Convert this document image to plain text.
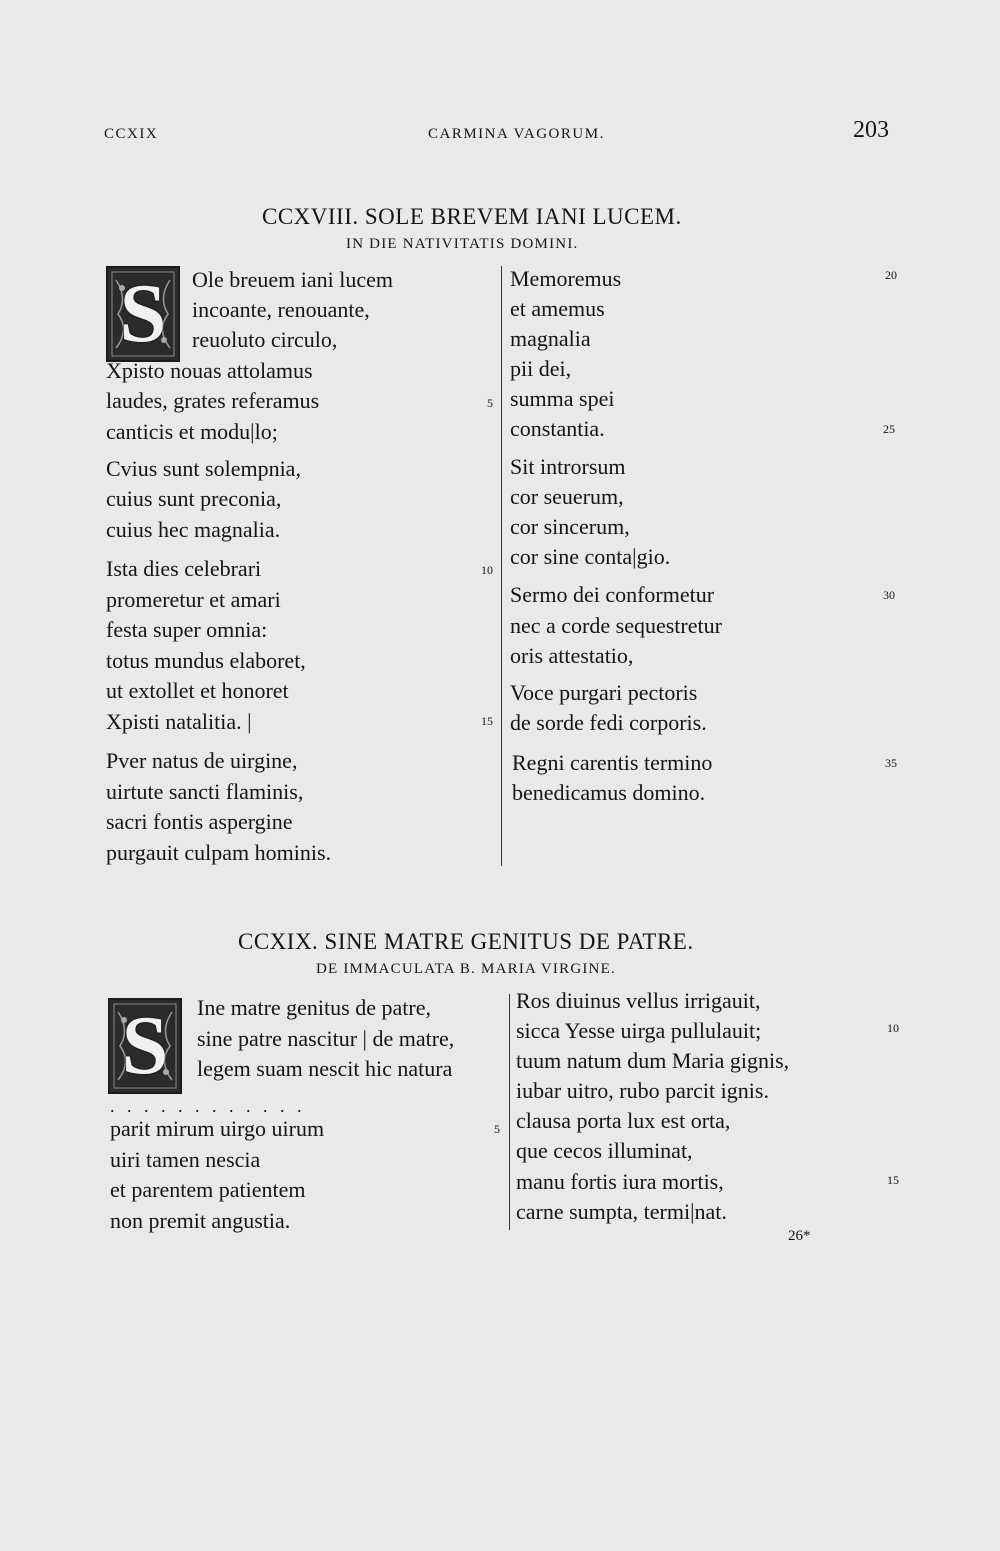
CCXIX	CARMINA VAGORUM.	203
CCXVIII. SOLE BREVEM IANI LUCEM.
IN DIE NATIVITATIS DOMINI.
S Ole breuem iani lucem
incoante, renouante,
reuoluto circulo,
Xpisto nouas attolamus
laudes, grates referamus
canticis et modu|lo;
Cvius sunt solempnia,
cuius sunt preconia,
cuius hec magnalia.
Ista dies celebrari
promeretur et amari
festa super omnia:
totus mundus elaboret,
ut extollet et honoret
Xpisti natalitia. |
Pver natus de uirgine,
uirtute sancti flaminis,
sacri fontis aspergine
purgauit culpam hominis.
5
10
15
Memoremus
et amemus
magnalia
pii dei,
summa spei
constantia.
Sit introrsum
cor seuerum,
cor sincerum,
cor sine conta|gio.
Sermo dei conformetur
nec a corde sequestretur
oris attestatio,
Voce purgari pectoris
de sorde fedi corporis.
Regni carentis termino
benedicamus domino.
20
25
30
35
CCXIX. SINE MATRE GENITUS DE PATRE.
DE IMMACULATA B. MARIA VIRGINE.
S Ine matre genitus de patre,
sine patre nascitur | de matre,
legem suam nescit hic natura
parit mirum uirgo uirum
uiri tamen nescia
et parentem patientem
non premit angustia.
5
Ros diuinus vellus irrigauit,
sicca Yesse uirga pullulauit;
tuum natum dum Maria gignis,
iubar uitro, rubo parcit ignis.
clausa porta lux est orta,
que cecos illuminat,
manu fortis iura mortis,
carne sumpta, termi|nat.
10
15
. . . . . . . . . . . .
26*
